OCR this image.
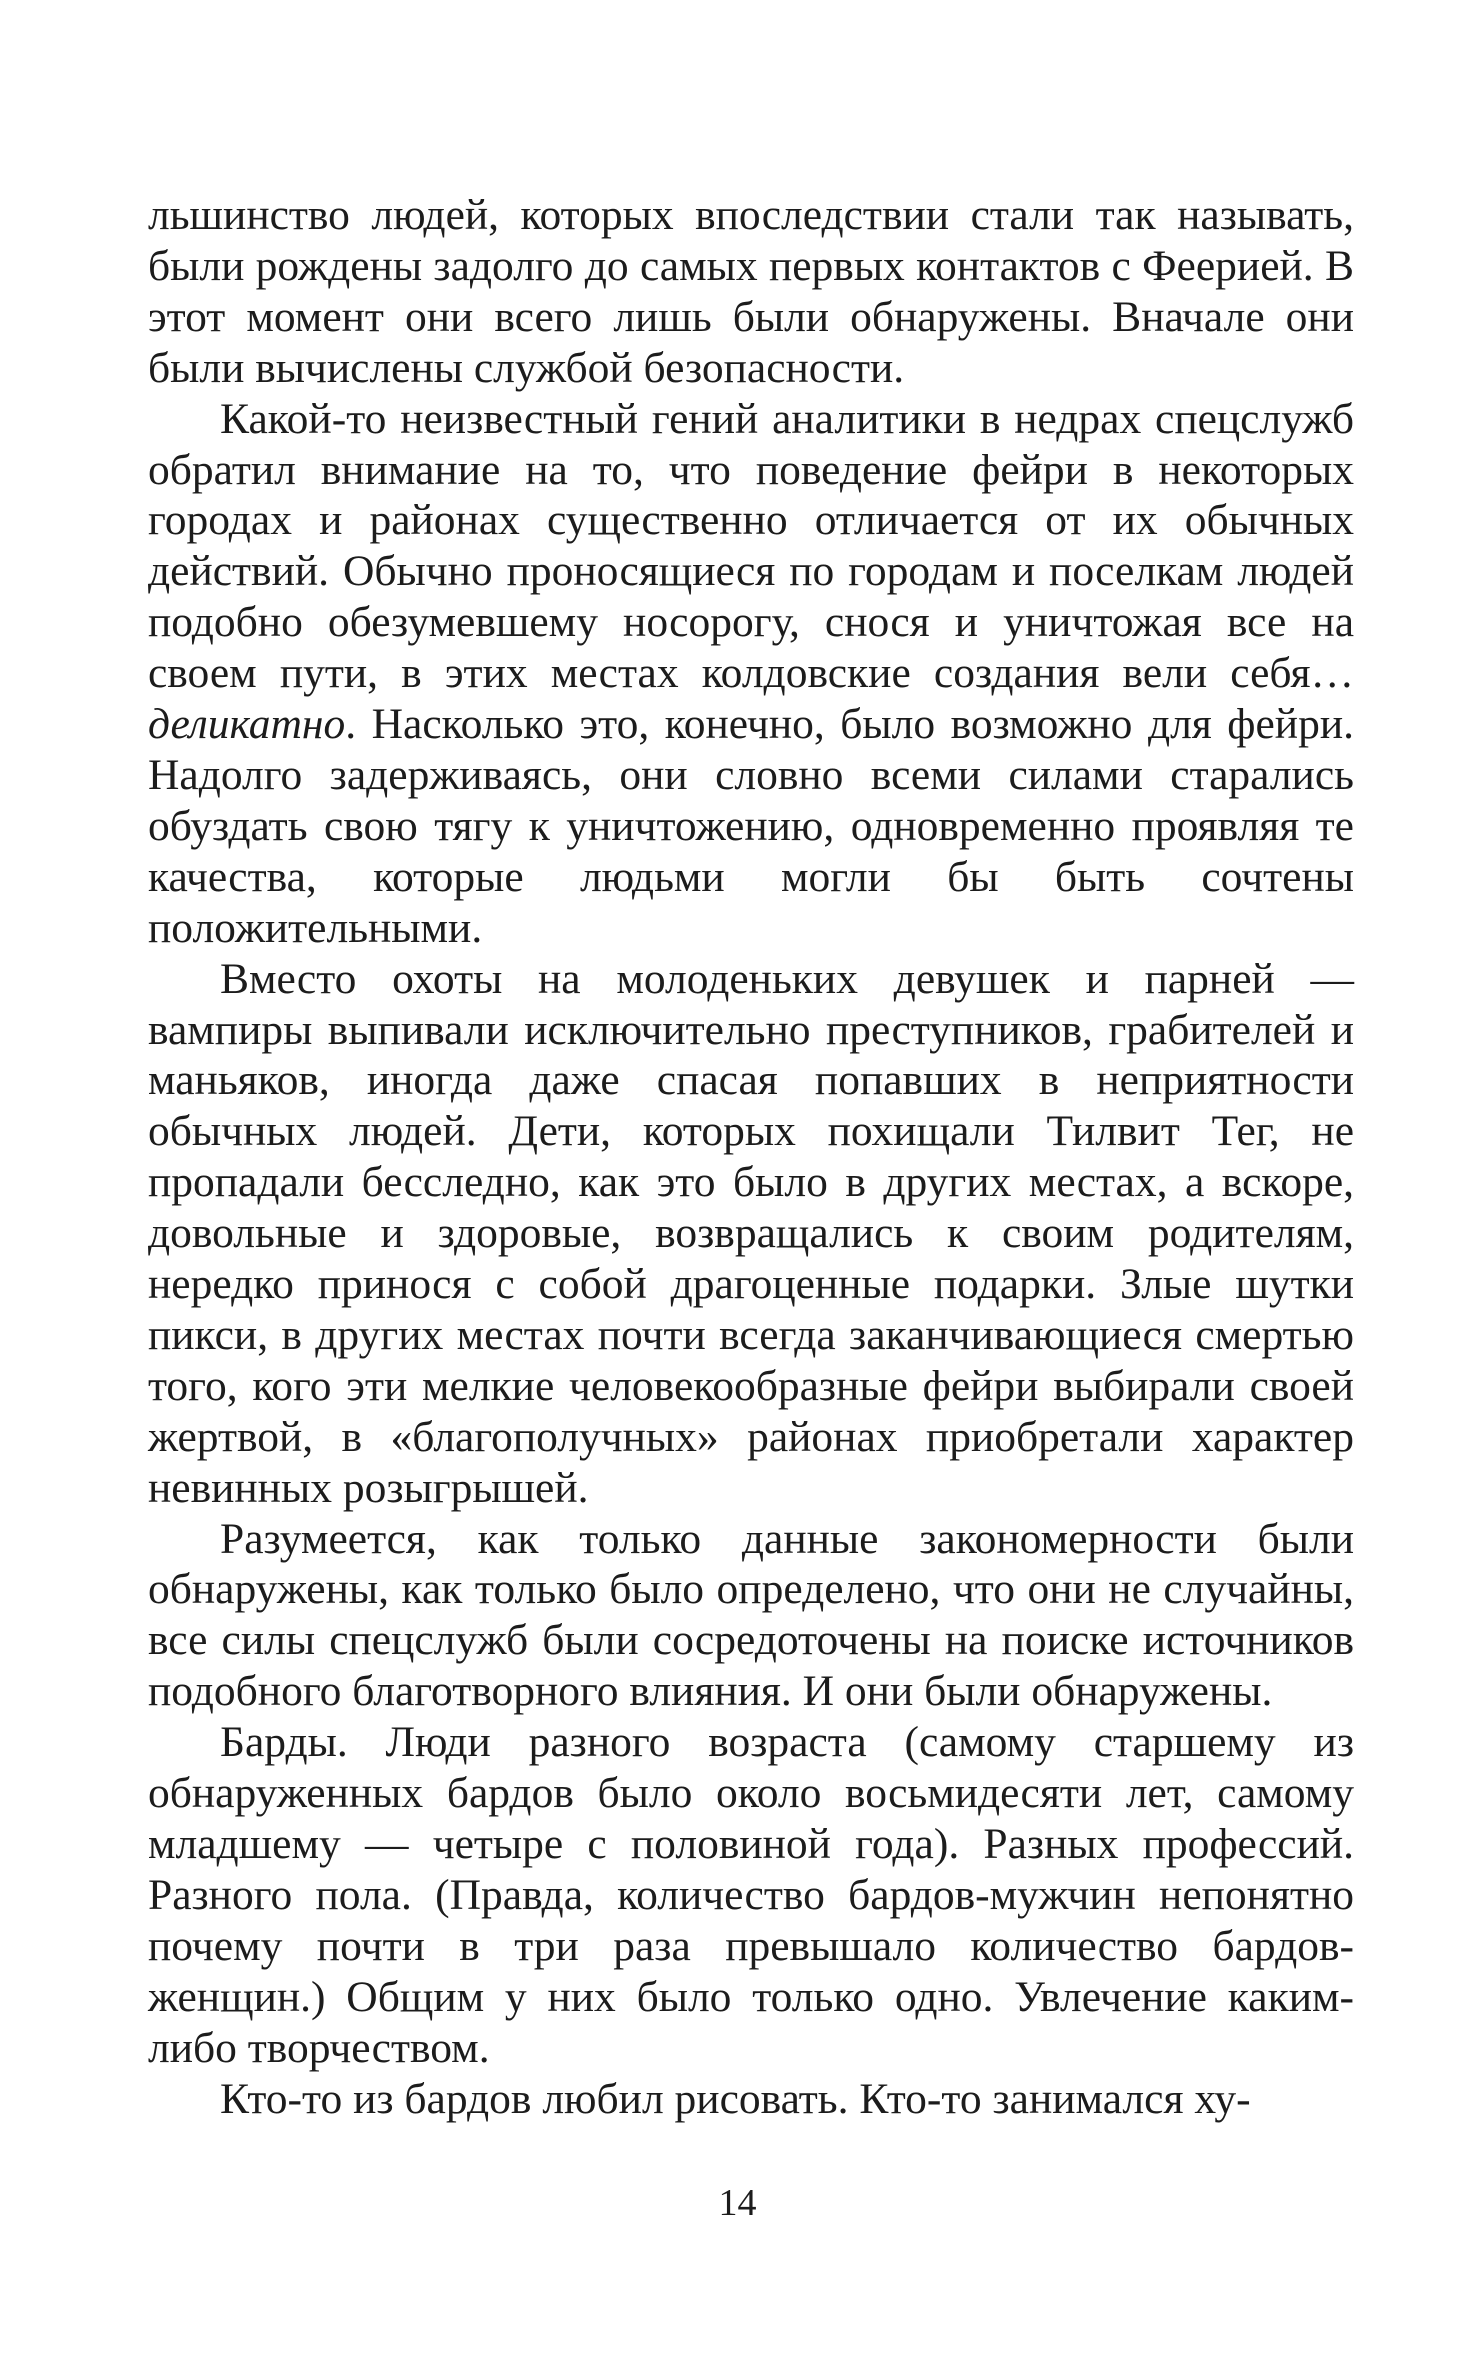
льшинство людей, которых впоследствии стали так называть, были рождены задолго до самых первых контактов с Феерией. В этот момент они всего лишь были обнаружены. Вначале они были вычислены службой безопасности.

Какой-то неизвестный гений аналитики в недрах спецслужб обратил внимание на то, что поведение фейри в некоторых городах и районах существенно отличается от их обычных действий. Обычно проносящиеся по городам и поселкам людей подобно обезумевшему носорогу, снося и уничтожая все на своем пути, в этих местах колдовские создания вели себя… деликатно. Насколько это, конечно, было возможно для фейри. Надолго задерживаясь, они словно всеми силами старались обуздать свою тягу к уничтожению, одновременно проявляя те качества, которые людьми могли бы быть сочтены положительными.

Вместо охоты на молоденьких девушек и парней — вампиры выпивали исключительно преступников, грабителей и маньяков, иногда даже спасая попавших в неприятности обычных людей. Дети, которых похищали Тилвит Тег, не пропадали бесследно, как это было в других местах, а вскоре, довольные и здоровые, возвращались к своим родителям, нередко принося с собой драгоценные подарки. Злые шутки пикси, в других местах почти всегда заканчивающиеся смертью того, кого эти мелкие человекообразные фейри выбирали своей жертвой, в «благополучных» районах приобретали характер невинных розыгрышей.

Разумеется, как только данные закономерности были обнаружены, как только было определено, что они не случайны, все силы спецслужб были сосредоточены на поиске источников подобного благотворного влияния. И они были обнаружены.

Барды. Люди разного возраста (самому старшему из обнаруженных бардов было около восьмидесяти лет, самому младшему — четыре с половиной года). Разных профессий. Разного пола. (Правда, количество бардов-мужчин непонятно почему почти в три раза превышало количество бардов-женщин.) Общим у них было только одно. Увлечение каким-либо творчеством.

Кто-то из бардов любил рисовать. Кто-то занимался ху-

14
